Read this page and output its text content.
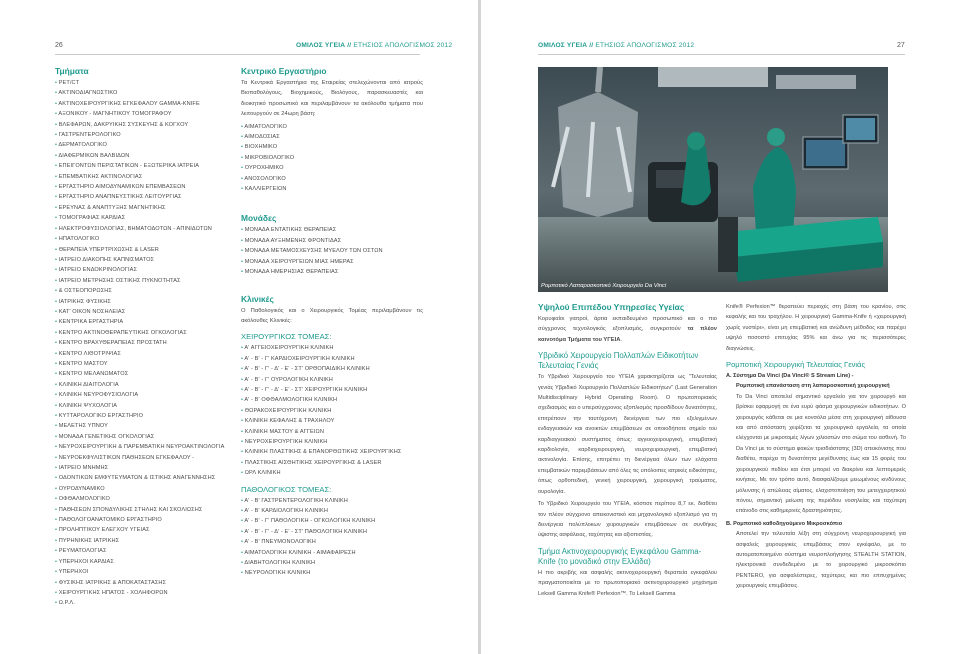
26	ΟΜΙΛΟΣ ΥΓΕΙΑ // ΕΤΗΣΙΟΣ ΑΠΟΛΟΓΙΣΜΟΣ 2012
Τμήματα
• PET/CT
• ΑΚΤΙΝΟΔΙΑΓΝΩΣΤΙΚΟ
• ΑΚΤΙΝΟΧΕΙΡΟΥΡΓΙΚΗΣ ΕΓΚΕΦΑΛΟΥ GAMMA-KNIFE
• ΑΞΟΝΙΚΟΥ - ΜΑΓΝΗΤΙΚΟΥ ΤΟΜΟΓΡΑΦΟΥ
• ΒΛΕΦΑΡΩΝ, ΔΑΚΡΥΙΚΗΣ ΣΥΣΚΕΥΗΣ & ΚΟΓΧΟΥ
• ΓΑΣΤΡΕΝΤΕΡΟΛΟΓΙΚΟ
• ΔΕΡΜΑΤΟΛΟΓΙΚΟ
• ΔΙΑΦΕΡΜΙΚΩΝ ΒΑΛΒΙΔΩΝ
• ΕΠΕΙΓΟΝΤΩΝ ΠΕΡΙΣΤΑΤΙΚΩΝ - ΕΞΩΤΕΡΙΚΑ ΙΑΤΡΕΙΑ
• ΕΠΕΜΒΑΤΙΚΗΣ ΑΚΤΙΝΟΛΟΓΙΑΣ
• ΕΡΓΑΣΤΗΡΙΟ ΑΙΜΟΔΥΝΑΜΙΚΩΝ ΕΠΕΜΒΑΣΕΩΝ
• ΕΡΓΑΣΤΗΡΙΟ ΑΝΑΠΝΕΥΣΤΙΚΗΣ ΛΕΙΤΟΥΡΓΙΑΣ
• ΕΡΕΥΝΑΣ & ΑΝΑΠΤΥΞΗΣ ΜΑΓΝΗΤΙΚΗΣ
• ΤΟΜΟΓΡΑΦΙΑΣ ΚΑΡΔΙΑΣ
• ΗΛΕΚΤΡΟΦΥΣΙΟΛΟΓΙΑΣ, ΒΗΜΑΤΟΔΟΤΩΝ - ΑΠΙΝΙΔΩΤΩΝ
• ΗΠΑΤΟΛΟΓΙΚΟ
• ΘΕΡΑΠΕΙΑ ΥΠΕΡΤΡΙΧΩΣΗΣ & LASER
• ΙΑΤΡΕΙΟ ΔΙΑΚΟΠΗΣ ΚΑΠΝΙΣΜΑΤΟΣ
• ΙΑΤΡΕΙΟ ΕΝΔΟΚΡΙΝΟΛΟΓΙΑΣ
• ΙΑΤΡΕΙΟ ΜΕΤΡΗΣΗΣ ΟΣΤΙΚΗΣ ΠΥΚΝΟΤΗΤΑΣ
• & ΟΣΤΕΟΠΟΡΩΣΗΣ
• ΙΑΤΡΙΚΗΣ ΦΥΣΙΚΗΣ
• ΚΑΤ' ΟΙΚΟΝ ΝΟΣΗΛΕΙΑΣ
• ΚΕΝΤΡΙΚΑ ΕΡΓΑΣΤΗΡΙΑ
• ΚΕΝΤΡΟ ΑΚΤΙΝΟΘΕΡΑΠΕΥΤΙΚΗΣ ΟΓΚΟΛΟΓΙΑΣ
• ΚΕΝΤΡΟ ΒΡΑΧΥΘΕΡΑΠΕΙΑΣ ΠΡΟΣΤΑΤΗ
• ΚΕΝΤΡΟ ΛΙΘΟΤΡΙΨΙΑΣ
• ΚΕΝΤΡΟ ΜΑΣΤΟΥ
• ΚΕΝΤΡΟ ΜΕΛΑΝΩΜΑΤΟΣ
• ΚΛΙΝΙΚΗ ΔΙΑΙΤΟΛΟΓΙΑ
• ΚΛΙΝΙΚΗ ΝΕΥΡΟΦΥΣΙΟΛΟΓΙΑ
• ΚΛΙΝΙΚΗ ΨΥΧΟΛΟΓΙΑ
• ΚΥΤΤΑΡΟΛΟΓΙΚΟ ΕΡΓΑΣΤΗΡΙΟ
• ΜΕΛΕΤΗΣ ΥΠΝΟΥ
• ΜΟΝΑΔΑ ΓΕΝΕΤΙΚΗΣ ΟΓΚΟΛΟΓΙΑΣ
• ΝΕΥΡΟΧΕΙΡΟΥΡΓΙΚΗ & ΠΑΡΕΜΒΑΤΙΚΗ ΝΕΥΡΟΑΚΤΙΝΟΛΟΓΙΑ
• ΝΕΥΡΟΕΚΦΥΛΙΣΤΙΚΩΝ ΠΑΘΗΣΕΩΝ ΕΓΚΕΦΑΛΟΥ -
• ΙΑΤΡΕΙΟ ΜΝΗΜΗΣ
• ΟΔΟΝΤΙΚΩΝ ΕΜΦΥΤΕΥΜΑΤΩΝ & ΙΣΤΙΚΗΣ ΑΝΑΓΕΝΝΗΣΗΣ
• ΟΥΡΟΔΥΝΑΜΙΚΟ
• ΟΦΘΑΛΜΟΛΟΓΙΚΟ
• ΠΑΘΗΣΕΩΝ ΣΠΟΝΔΥΛΙΚΗΣ ΣΤΗΛΗΣ ΚΑΙ ΣΚΟΛΙΩΣΗΣ
• ΠΑΘΟΛΟΓΟΑΝΑΤΟΜΙΚΟ ΕΡΓΑΣΤΗΡΙΟ
• ΠΡΟΛΗΠΤΙΚΟΥ ΕΛΕΓΧΟΥ ΥΓΕΙΑΣ
• ΠΥΡΗΝΙΚΗΣ ΙΑΤΡΙΚΗΣ
• ΡΕΥΜΑΤΟΛΟΓΙΑΣ
• ΥΠΕΡΗΧΟΙ ΚΑΡΔΙΑΣ
• ΥΠΕΡΗΧΟΙ
• ΦΥΣΙΚΗΣ ΙΑΤΡΙΚΗΣ & ΑΠΟΚΑΤΑΣΤΑΣΗΣ
• ΧΕΙΡΟΥΡΓΙΚΗΣ ΗΠΑΤΟΣ - ΧΟΛΗΦΟΡΩΝ
• Ω.Ρ.Λ.
Κεντρικό Εργαστήριο

Τα Κεντρικά Εργαστήρια της Εταιρείας στελεχώνονται από ιατρούς Βιοπαθολόγους, Βιοχημικούς, Βιολόγους, παρασκευαστές και διοικητικό προσωπικό και περιλαμβάνουν τα ακόλουθα τμήματα που λειτουργούν σε 24ωρη βάση:

• ΑΙΜΑΤΟΛΟΓΙΚΟ
• ΑΙΜΟΔΟΣΙΑΣ
• ΒΙΟΧΗΜΙΚΟ
• ΜΙΚΡΟΒΙΟΛΟΓΙΚΟ
• ΟΥΡΟΧΗΜΙΚΟ
• ΑΝΟΣΟΛΟΓΙΚΟ
• ΚΑΛΛΙΕΡΓΕΙΩΝ
Μονάδες
• ΜΟΝΑΔΑ ΕΝΤΑΤΙΚΗΣ ΘΕΡΑΠΕΙΑΣ
• ΜΟΝΑΔΑ ΑΥΞΗΜΕΝΗΣ ΦΡΟΝΤΙΔΑΣ
• ΜΟΝΑΔΑ ΜΕΤΑΜΟΣΧΕΥΣΗΣ ΜΥΕΛΟΥ ΤΩΝ ΟΣΤΩΝ
• ΜΟΝΑΔΑ ΧΕΙΡΟΥΡΓΕΙΩΝ ΜΙΑΣ ΗΜΕΡΑΣ
• ΜΟΝΑΔΑ ΗΜΕΡΗΣΙΑΣ ΘΕΡΑΠΕΙΑΣ
Κλινικές

Ο Παθολογικός και ο Χειρουργικός Τομέας περιλαμβάνουν τις ακόλουθες Κλινικές:

ΧΕΙΡΟΥΡΓΙΚΟΣ ΤΟΜΕΑΣ:
• Α' ΑΓΓΕΙΟΧΕΙΡΟΥΡΓΙΚΗ ΚΛΙΝΙΚΗ
• Α' - Β' - Γ' ΚΑΡΔΙΟΧΕΙΡΟΥΡΓΙΚΗ ΚΛΙΝΙΚΗ
• Α' - Β' - Γ' - Δ' - Ε' - ΣΤ' ΟΡΘΟΠΑΙΔΙΚΗ ΚΛΙΝΙΚΗ
• Α' - Β' - Γ' ΟΥΡΟΛΟΓΙΚΗ ΚΛΙΝΙΚΗ
• Α' - Β' - Γ' - Δ' - Ε' - ΣΤ' ΧΕΙΡΟΥΡΓΙΚΗ ΚΛΙΝΙΚΗ
• Α' - Β' ΟΦΘΑΛΜΟΛΟΓΙΚΗ ΚΛΙΝΙΚΗ
• ΘΩΡΑΚΟΧΕΙΡΟΥΡΓΙΚΗ ΚΛΙΝΙΚΗ
• ΚΛΙΝΙΚΗ ΚΕΦΑΛΗΣ & ΤΡΑΧΗΛΟΥ
• ΚΛΙΝΙΚΗ ΜΑΣΤΟΥ & ΑΓΓΕΙΩΝ
• ΝΕΥΡΟΧΕΙΡΟΥΡΓΙΚΗ ΚΛΙΝΙΚΗ
• ΚΛΙΝΙΚΗ ΠΛΑΣΤΙΚΗΣ & ΕΠΑΝΟΡΘΩΤΙΚΗΣ ΧΕΙΡΟΥΡΓΙΚΗΣ
• ΠΛΑΣΤΙΚΗΣ ΑΙΣΘΗΤΙΚΗΣ ΧΕΙΡΟΥΡΓΙΚΗΣ & LASER
• ΩΡΛ ΚΛΙΝΙΚΗ
ΠΑΘΟΛΟΓΙΚΟΣ ΤΟΜΕΑΣ:
• Α' - Β' ΓΑΣΤΡΕΝΤΕΡΟΛΟΓΙΚΗ ΚΛΙΝΙΚΗ
• Α' - Β' ΚΑΡΔΙΟΛΟΓΙΚΗ ΚΛΙΝΙΚΗ
• Α' - Β' - Γ' ΠΑΘΟΛΟΓΙΚΗ - ΟΓΚΟΛΟΓΙΚΗ ΚΛΙΝΙΚΗ
• Α' - Β' - Γ' - Δ' - Ε' - ΣΤ' ΠΑΘΟΛΟΓΙΚΗ ΚΛΙΝΙΚΗ
• Α' - Β' ΠΝΕΥΜΟΝΟΛΟΓΙΚΗ
• ΑΙΜΑΤΟΛΟΓΙΚΗ ΚΛΙΝΙΚΗ - ΑΙΜΑΦΑΙΡΕΣΗ
• ΔΙΑΒΗΤΟΛΟΓΙΚΗ ΚΛΙΝΙΚΗ
• ΝΕΥΡΟΛΟΓΙΚΗ ΚΛΙΝΙΚΗ
ΟΜΙΛΟΣ ΥΓΕΙΑ // ΕΤΗΣΙΟΣ ΑΠΟΛΟΓΙΣΜΟΣ 2012	27
Ρομποτικό Λαπαροσκοπικό Χειρουργείο Da Vinci
Υψηλού Επιπέδου Υπηρεσίες Υγείας

Κορυφαίοι γιατροί, άρτια εκπαιδευμένο προσωπικό και ο πιο σύγχρονος τεχνολογικός εξοπλισμός, συγκροτούν τα πλέον καινοτόμα Τμήματα του ΥΓΕΙΑ.

Υβριδικό Χειρουργείο Πολλαπλών Ειδικοτήτων Τελευταίας Γενιάς

Το Υβριδικό Χειρουργείο του ΥΓΕΙΑ χαρακτηρίζεται ως "Τελευταίας γενιάς Υβριδικό Χειρουργείο Πολλαπλών Ειδικοτήτων" (Last Generation Multidisciplinary Hybrid Operating Room). Ο πρωτοποριακός σχεδιασμός και ο υπερσύγχρονος εξοπλισμός προσδίδουν δυνατότητες, επιτρέπουν την ταυτόχρονη διενέργεια των πιο εξελιγμένων ενδαγγειακών και ανοικτών επεμβάσεων σε οποιοδήποτε σημείο του καρδιαγγειακού συστήματος όπως: αγγειοχειρουργική, επεμβατική καρδιολογία, καρδιοχειρουργική, νευροχειρουργική, επεμβατική ακτινολογία. Επίσης, επιτρέπει τη διενέργεια όλων των ελάχιστα επεμβατικών παρεμβάσεων από όλες τις υπόλοιπες ιατρικές ειδικότητες, όπως ορθοπεδική, γενική χειρουργική, χειρουργική τραύματος, ουρολογία.

Το Υβριδικό Χειρουργείο του ΥΓΕΙΑ, κόστισε περίπου 8,7 εκ. διαθέτει τον πλέον σύγχρονο απεικονιστικό και μηχανολογικό εξοπλισμό για τη διενέργεια πολύπλοκων χειρουργικών επεμβάσεων σε συνθήκες ύψιστης ασφάλειας, ταχύτητας και αξιοπιστίας.

Τμήμα Ακτινοχειρουργικής Εγκεφάλου Gamma-Knife (το μοναδικό στην Ελλάδα)

Η πιο ακριβής και ασφαλής ακτινοχειρουργική θεραπεία εγκεφάλου πραγματοποιείται με το πρωτοποριακό ακτινοχειρουργικό μηχάνημα Leksell Gamma Knife® Perfexion™. Το Leksell Gamma

Knife® Perfexion™ θεραπεύει περιοχές στη βάση του κρανίου, στις κεφαλής και του τραχήλου. Η χειρουργική Gamma-Knife ή «χειρουργική χωρίς νυστέρι», είναι μη επεμβατική και ανώδυνη μέθοδος και παρέχει υψηλό ποσοστό επιτυχίας 95% και άνω για τις περισσότερες διαγνώσεις.

Ρομποτική Χειρουργική Τελευταίας Γενιάς
Α. Σύστημα Da Vinci (Da Vinci® S Stream Line) -
Ρομποτική επανάσταση στη λαπαροσκοπική χειρουργική

Το Da Vinci αποτελεί σημαντικό εργαλείο για τον χειρουργό και βρίσκει εφαρμογή σε ένα ευρύ φάσμα χειρουργικών ειδικοτήτων. Ο χειρουργός κάθεται σε μια κονσόλα μέσα στη χειρουργική αίθουσα και από απόσταση χειρίζεται τα χειρουργικά εργαλεία, τα οποία ελέγχονται με μικροτομές λίγων χιλιοστών στο σώμα του ασθενή. Το Da Vinci με το σύστημα φακών τρισδιάστατης (3D) απεικόνισης που διαθέτει, παρέχει τη δυνατότητα μεγέθυνσης έως και 15 φορές του χειρουργικού πεδίου και έτσι μπορεί να διακρίνει και λεπτομερείς κινήσεις. Με τον τρόπο αυτό, διασφαλίζουμε μειωμένους κινδύνους μόλυνσης ή απώλειας αίματος, ελαχιστοποίηση του μετεγχειρητικού πόνου, σημαντική μείωση της περιόδου νοσηλείας και ταχύτερη επάνοδο στις καθημερινές δραστηριότητες.

Β. Ρομποτικό καθοδηγούμενο Μικροσκόπιο

Αποτελεί την τελευταία λέξη στη σύγχρονη νευροχειρουργική για ασφαλείς χειρουργικές επεμβάσεις στον εγκέφαλο, με το αυτοματοποιημένο σύστημα νευροπλοήγησης STEALTH STATION, ηλεκτρονικά συνδεδεμένο με το χειρουργικό μικροσκόπιο PENTERO, για ασφαλέστερες, ταχύτερες και πιο επιτυχημένες χειρουργικές επεμβάσεις.
